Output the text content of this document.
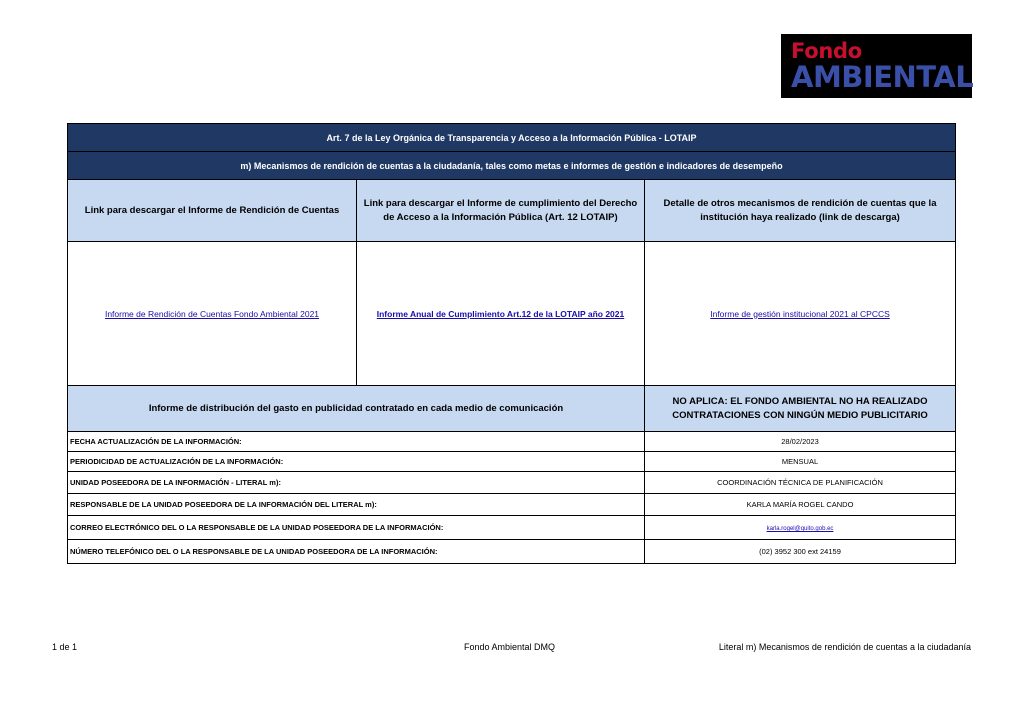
Fondo
AMBIENTAL
Art. 7 de la Ley Orgánica de Transparencia y Acceso a la Información Pública - LOTAIP		
m) Mecanismos de rendición de cuentas a la ciudadanía, tales como metas e informes de gestión e indicadores de desempeño		
Link para descargar el Informe de Rendición de Cuentas	Link para descargar el Informe de cumplimiento del Derecho de Acceso a la Información Pública (Art. 12 LOTAIP)	Detalle de otros mecanismos de rendición de cuentas que la institución haya realizado (link de descarga)
Informe de Rendición de Cuentas Fondo Ambiental 2021	Informe Anual de Cumplimiento Art.12 de la LOTAIP año 2021	Informe de gestión institucional 2021 al CPCCS
Informe de distribución del gasto en publicidad contratado en cada medio de comunicación		NO APLICA: EL FONDO AMBIENTAL NO HA REALIZADO CONTRATACIONES CON NINGÚN MEDIO PUBLICITARIO
FECHA ACTUALIZACIÓN DE LA INFORMACIÓN:		28/02/2023
PERIODICIDAD DE ACTUALIZACIÓN DE LA INFORMACIÓN:		MENSUAL
UNIDAD POSEEDORA DE LA INFORMACIÓN - LITERAL m):		COORDINACIÓN TÉCNICA DE PLANIFICACIÓN
RESPONSABLE DE LA UNIDAD POSEEDORA DE LA INFORMACIÓN DEL LITERAL m):		KARLA MARÍA ROGEL CANDO
CORREO ELECTRÓNICO DEL O LA RESPONSABLE DE LA UNIDAD POSEEDORA DE LA INFORMACIÓN:		karla.rogel@quito.gob.ec
NÚMERO TELEFÓNICO DEL O LA RESPONSABLE DE LA UNIDAD POSEEDORA DE LA INFORMACIÓN:		(02) 3952 300 ext 24159
1 de 1	Fondo Ambiental DMQ	Literal m) Mecanismos de rendición de cuentas a la ciudadanía
